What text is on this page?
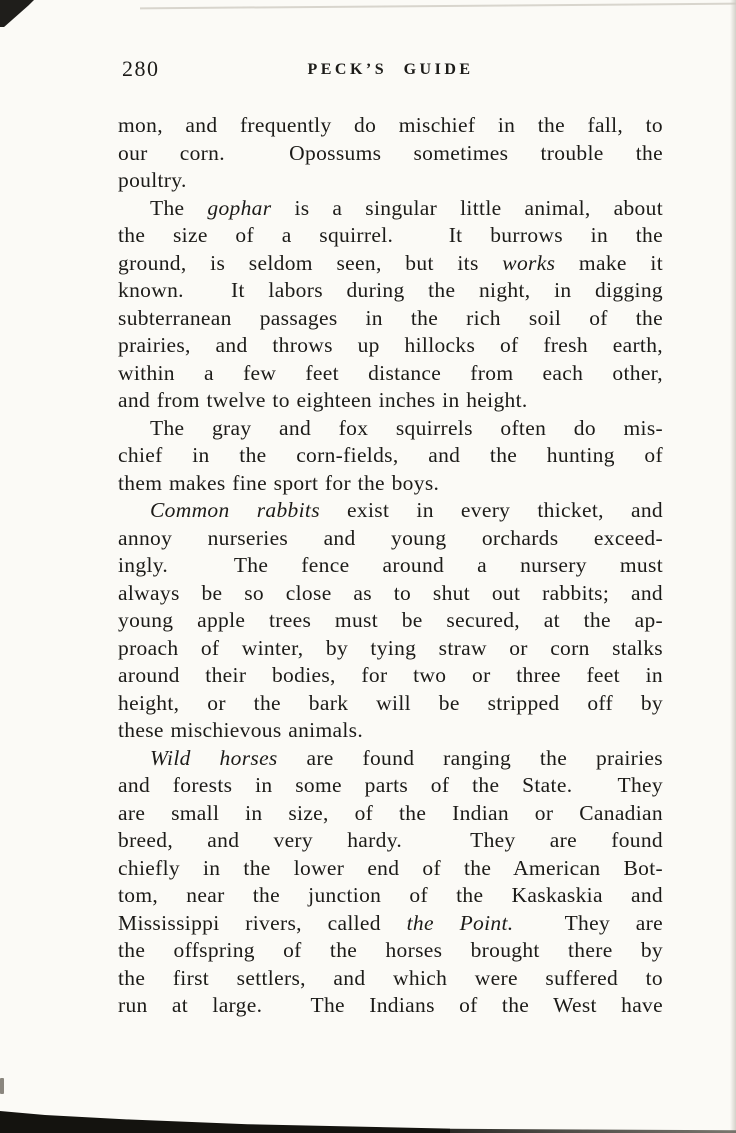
280	PECK’S GUIDE

mon, and frequently do mischief in the fall, to
our corn.  Opossums sometimes trouble the
poultry.

The gophar is a singular little animal, about
the size of a squirrel.  It burrows in the
ground, is seldom seen, but its works make it
known.  It labors during the night, in digging
subterranean passages in the rich soil of the
prairies, and throws up hillocks of fresh earth,
within a few feet distance from each other,
and from twelve to eighteen inches in height.

The gray and fox squirrels often do mis-
chief in the corn-fields, and the hunting of
them makes fine sport for the boys.

Common rabbits exist in every thicket, and
annoy nurseries and young orchards exceed-
ingly.  The fence around a nursery must
always be so close as to shut out rabbits; and
young apple trees must be secured, at the ap-
proach of winter, by tying straw or corn stalks
around their bodies, for two or three feet in
height, or the bark will be stripped off by
these mischievous animals.

Wild horses are found ranging the prairies
and forests in some parts of the State.  They
are small in size, of the Indian or Canadian
breed, and very hardy.  They are found
chiefly in the lower end of the American Bot-
tom, near the junction of the Kaskaskia and
Mississippi rivers, called the Point.  They are
the offspring of the horses brought there by
the first settlers, and which were suffered to
run at large.  The Indians of the West have
